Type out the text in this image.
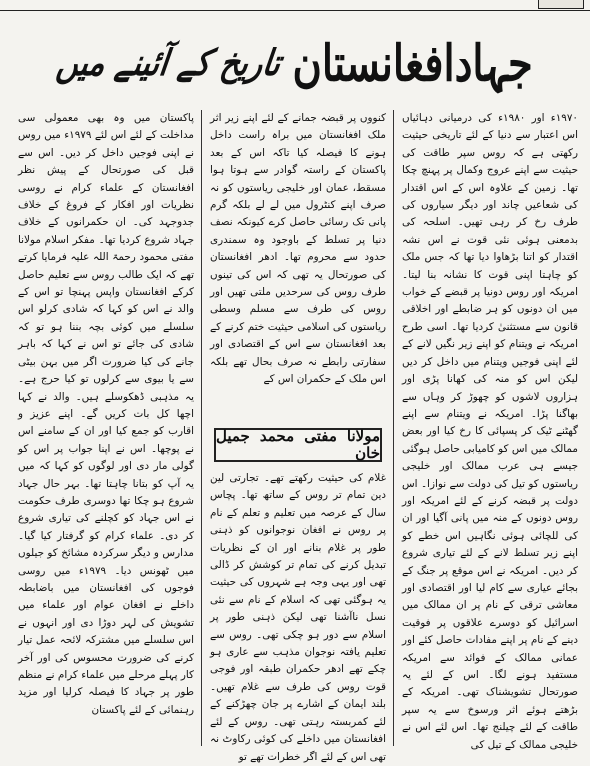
جہادافغانستان
تاریخ کے آئینے میں

۱۹۷۰ء اور ۱۹۸۰ء کی درمیانی دہائیاں اس اعتبار سے دنیا کے لئے تاریخی حیثیت رکھتی ہے کہ روس سپر طاقت کی حیثیت سے اپنے عروج وکمال پر پہنچ چکا تھا۔ زمین کے علاوہ اس کے اس اقتدار کی شعاعیں چاند اور دیگر سیاروں کی طرف رخ کر رہی تھیں۔ اسلحہ کی بدمعنی ہوئی نئی قوت نے اس نشہ اقتدار کو اتنا بڑھاوا دیا تھا کہ جس ملک کو چاہتا اپنی قوت کا نشانہ بنا لیتا۔ امریکہ اور روس دونیا پر قبضے کے خواب میں ان دونوں کو ہر ضابطے اور اخلاقی قانون سے مستثنیٰ کردیا تھا۔ اسی طرح امریکہ نے ویتنام کو اپنے زیر نگیں لانے کے لئے اپنی فوجیں ویتنام میں داخل کر دیں لیکن اس کو منہ کی کھانا پڑی اور ہزاروں لاشوں کو چھوڑ کر وہاں سے بھاگنا پڑا۔ امریکہ نے ویتنام سے اپنے گھٹنے ٹیک کر پسپائی کا رخ کیا اور بعض ممالک میں اس کو کامیابی حاصل ہوگئی جیسے ہی عرب ممالک اور خلیجی ریاستوں کو تیل کی دولت سے نوازا۔ اس دولت پر قبضہ کرنے کے لئے امریکہ اور روس دونوں کے منہ میں پانی آگیا اور ان کی للچائی ہوئی نگاہیں اس خطے کو اپنے زیر تسلط لانے کے لئے تیاری شروع کر دیں۔ امریکہ نے اس موقع پر جنگ کے بجائے عیاری سے کام لیا اور اقتصادی اور معاشی ترقی کے نام پر ان ممالک میں اسرائیل کو دوسرے علاقوں پر فوقیت دینے کے نام پر اپنے مفادات حاصل کئے اور عمانی ممالک کے فوائد سے امریکہ مستفید ہونے لگا۔ اس کے لئے یہ صورتحال تشویشناک تھی۔ امریکہ کے بڑھتے ہوئے اثر ورسوخ سے یہ سپر طاقت کے لئے چیلنج تھا۔ اس لئے اس نے خلیجی ممالک کے تیل کی

کنووں پر قبضہ جمانے کے لئے اپنے زیر اثر ملک افغانستان میں براہ راست داخل ہونے کا فیصلہ کیا تاکہ اس کے بعد پاکستان کے راستہ گوادر سے ہوتا ہوا مسقط، عمان اور خلیجی ریاستوں کو نہ صرف اپنے کنٹرول میں لے لے بلکہ گرم پانی تک رسائی حاصل کرے کیونکہ نصف دنیا پر تسلط کے باوجود وہ سمندری حدود سے محروم تھا۔ ادھر افغانستان کی صورتحال یہ تھی کہ اس کی تینوں طرف روس کی سرحدیں ملتی تھیں اور روس کی طرف سے مسلم وسطی ریاستوں کی اسلامی حیثیت ختم کرنے کے بعد افغانستان سے اس کے اقتصادی اور سفارتی رابطے نہ صرف بحال تھے بلکہ اس ملک کے حکمران اس کے

مولانا مفتی محمد جمیل خان

غلام کی حیثیت رکھتے تھے۔ تجارتی لین دین تمام تر روس کے ساتھ تھا۔ پچاس سال کے عرصہ میں تعلیم و تعلم کے نام پر روس نے افغان نوجوانوں کو ذہنی طور پر غلام بنانے اور ان کے نظریات تبدیل کرنے کی تمام تر کوشش کر ڈالی تھی اور یہی وجہ ہے شہروں کی حیثیت یہ ہوگئی تھی کہ اسلام کے نام سے نئی نسل ناآشنا تھی لیکن ذہنی طور پر اسلام سے دور ہو چکی تھی۔ روس سے تعلیم یافتہ نوجوان مذہب سے عاری ہو چکے تھے ادھر حکمران طبقہ اور فوجی قوت روس کی طرف سے غلام تھیں۔ بلند ایمان کے اشارے پر جان چھڑکنے کے لئے کمربستہ رہتی تھی۔ روس کے لئے افغانستان میں داخلے کی کوئی رکاوٹ نہ تھی اس کے لئے اگر خطرات تھے تو

پاکستان میں وہ بھی معمولی سی مداخلت کے لئے اس لئے ۱۹۷۹ء میں روس نے اپنی فوجیں داخل کر دیں۔ اس سے قبل کی صورتحال کے پیش نظر افغانستان کے علماء کرام نے روسی نظریات اور افکار کے فروغ کے خلاف جدوجہد کی۔ ان حکمرانوں کے خلاف جہاد شروع کردیا تھا۔ مفکر اسلام مولانا مفتی محمود رحمۃ اللہ علیہ فرمایا کرتے تھے کہ ایک طالب روس سے تعلیم حاصل کرکے افغانستان واپس پہنچا تو اس کے والد نے اس کو کہا کہ شادی کرلو اس سلسلے میں کوئی بچہ بننا ہو تو کہ شادی کی جائے تو اس نے کہا کہ باہر جانے کی کیا ضرورت اگر میں بہن بیٹی سے یا بیوی سے کرلوں تو کیا حرج ہے۔ یہ مذہبی ڈھکوسلے ہیں۔ والد نے کہا اچھا کل بات کریں گے۔ اپنے عزیز و اقارب کو جمع کیا اور ان کے سامنے اس نے پوچھا۔ اس نے اپنا جواب پر اس کو گولی مار دی اور لوگوں کو کہا کہ میں یہ آپ کو بتانا چاہتا تھا۔ بہر حال جہاد شروع ہو چکا تھا دوسری طرف حکومت نے اس جہاد کو کچلنے کی تیاری شروع کر دی۔ علماء کرام کو گرفتار کیا گیا۔ مدارس و دیگر سرکردہ مشائخ کو جیلوں میں ٹھونس دیا۔ ۱۹۷۹ء میں روسی فوجوں کی افغانستان میں باضابطہ داخلے نے افغان عوام اور علماء میں تشویش کی لہر دوڑا دی اور انہوں نے اس سلسلے میں مشترکہ لائحہ عمل تیار کرنے کی ضرورت محسوس کی اور آخر کار پہلے مرحلے میں علماء کرام نے منظم طور پر جہاد کا فیصلہ کرلیا اور مزید رہنمائی کے لئے پاکستان
